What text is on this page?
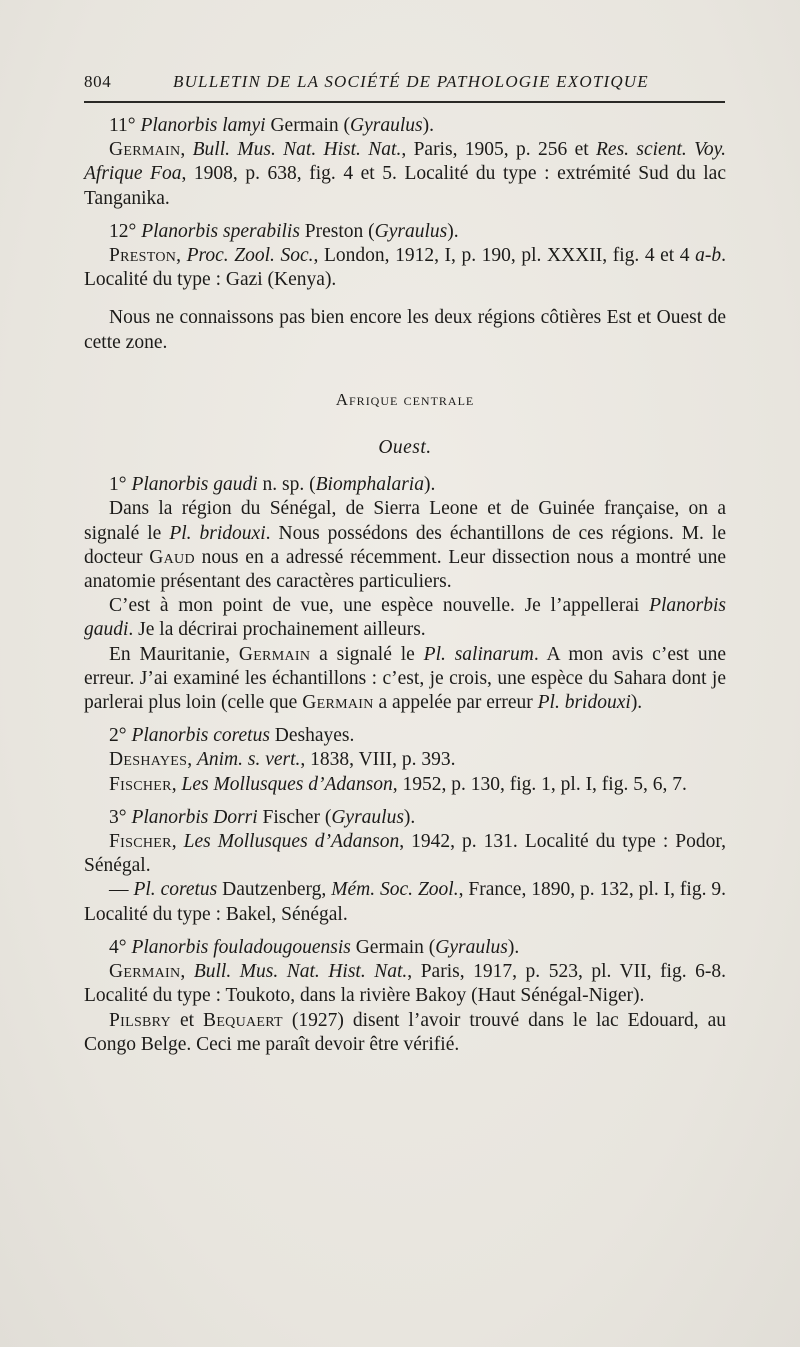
804	BULLETIN DE LA SOCIÉTÉ DE PATHOLOGIE EXOTIQUE

11° Planorbis lamyi Germain (Gyraulus).

Germain, Bull. Mus. Nat. Hist. Nat., Paris, 1905, p. 256 et Res. scient. Voy. Afrique Foa, 1908, p. 638, fig. 4 et 5. Localité du type : extrémité Sud du lac Tanganika.

12° Planorbis sperabilis Preston (Gyraulus).

Preston, Proc. Zool. Soc., London, 1912, I, p. 190, pl. XXXII, fig. 4 et 4 a-b. Localité du type : Gazi (Kenya).

Nous ne connaissons pas bien encore les deux régions côtières Est et Ouest de cette zone.

Afrique centrale

Ouest.

1° Planorbis gaudi n. sp. (Biomphalaria).

Dans la région du Sénégal, de Sierra Leone et de Guinée française, on a signalé le Pl. bridouxi. Nous possédons des échantillons de ces régions. M. le docteur Gaud nous en a adressé récemment. Leur dissection nous a montré une anatomie présentant des caractères particuliers.

C’est à mon point de vue, une espèce nouvelle. Je l’appellerai Planorbis gaudi. Je la décrirai prochainement ailleurs.

En Mauritanie, Germain a signalé le Pl. salinarum. A mon avis c’est une erreur. J’ai examiné les échantillons : c’est, je crois, une espèce du Sahara dont je parlerai plus loin (celle que Germain a appelée par erreur Pl. bridouxi).

2° Planorbis coretus Deshayes.

Deshayes, Anim. s. vert., 1838, VIII, p. 393.

Fischer, Les Mollusques d’Adanson, 1952, p. 130, fig. 1, pl. I, fig. 5, 6, 7.

3° Planorbis Dorri Fischer (Gyraulus).

Fischer, Les Mollusques d’Adanson, 1942, p. 131. Localité du type : Podor, Sénégal.

— Pl. coretus Dautzenberg, Mém. Soc. Zool., France, 1890, p. 132, pl. I, fig. 9. Localité du type : Bakel, Sénégal.

4° Planorbis fouladougouensis Germain (Gyraulus).

Germain, Bull. Mus. Nat. Hist. Nat., Paris, 1917, p. 523, pl. VII, fig. 6-8. Localité du type : Toukoto, dans la rivière Bakoy (Haut Sénégal-Niger).

Pilsbry et Bequaert (1927) disent l’avoir trouvé dans le lac Edouard, au Congo Belge. Ceci me paraît devoir être vérifié.
